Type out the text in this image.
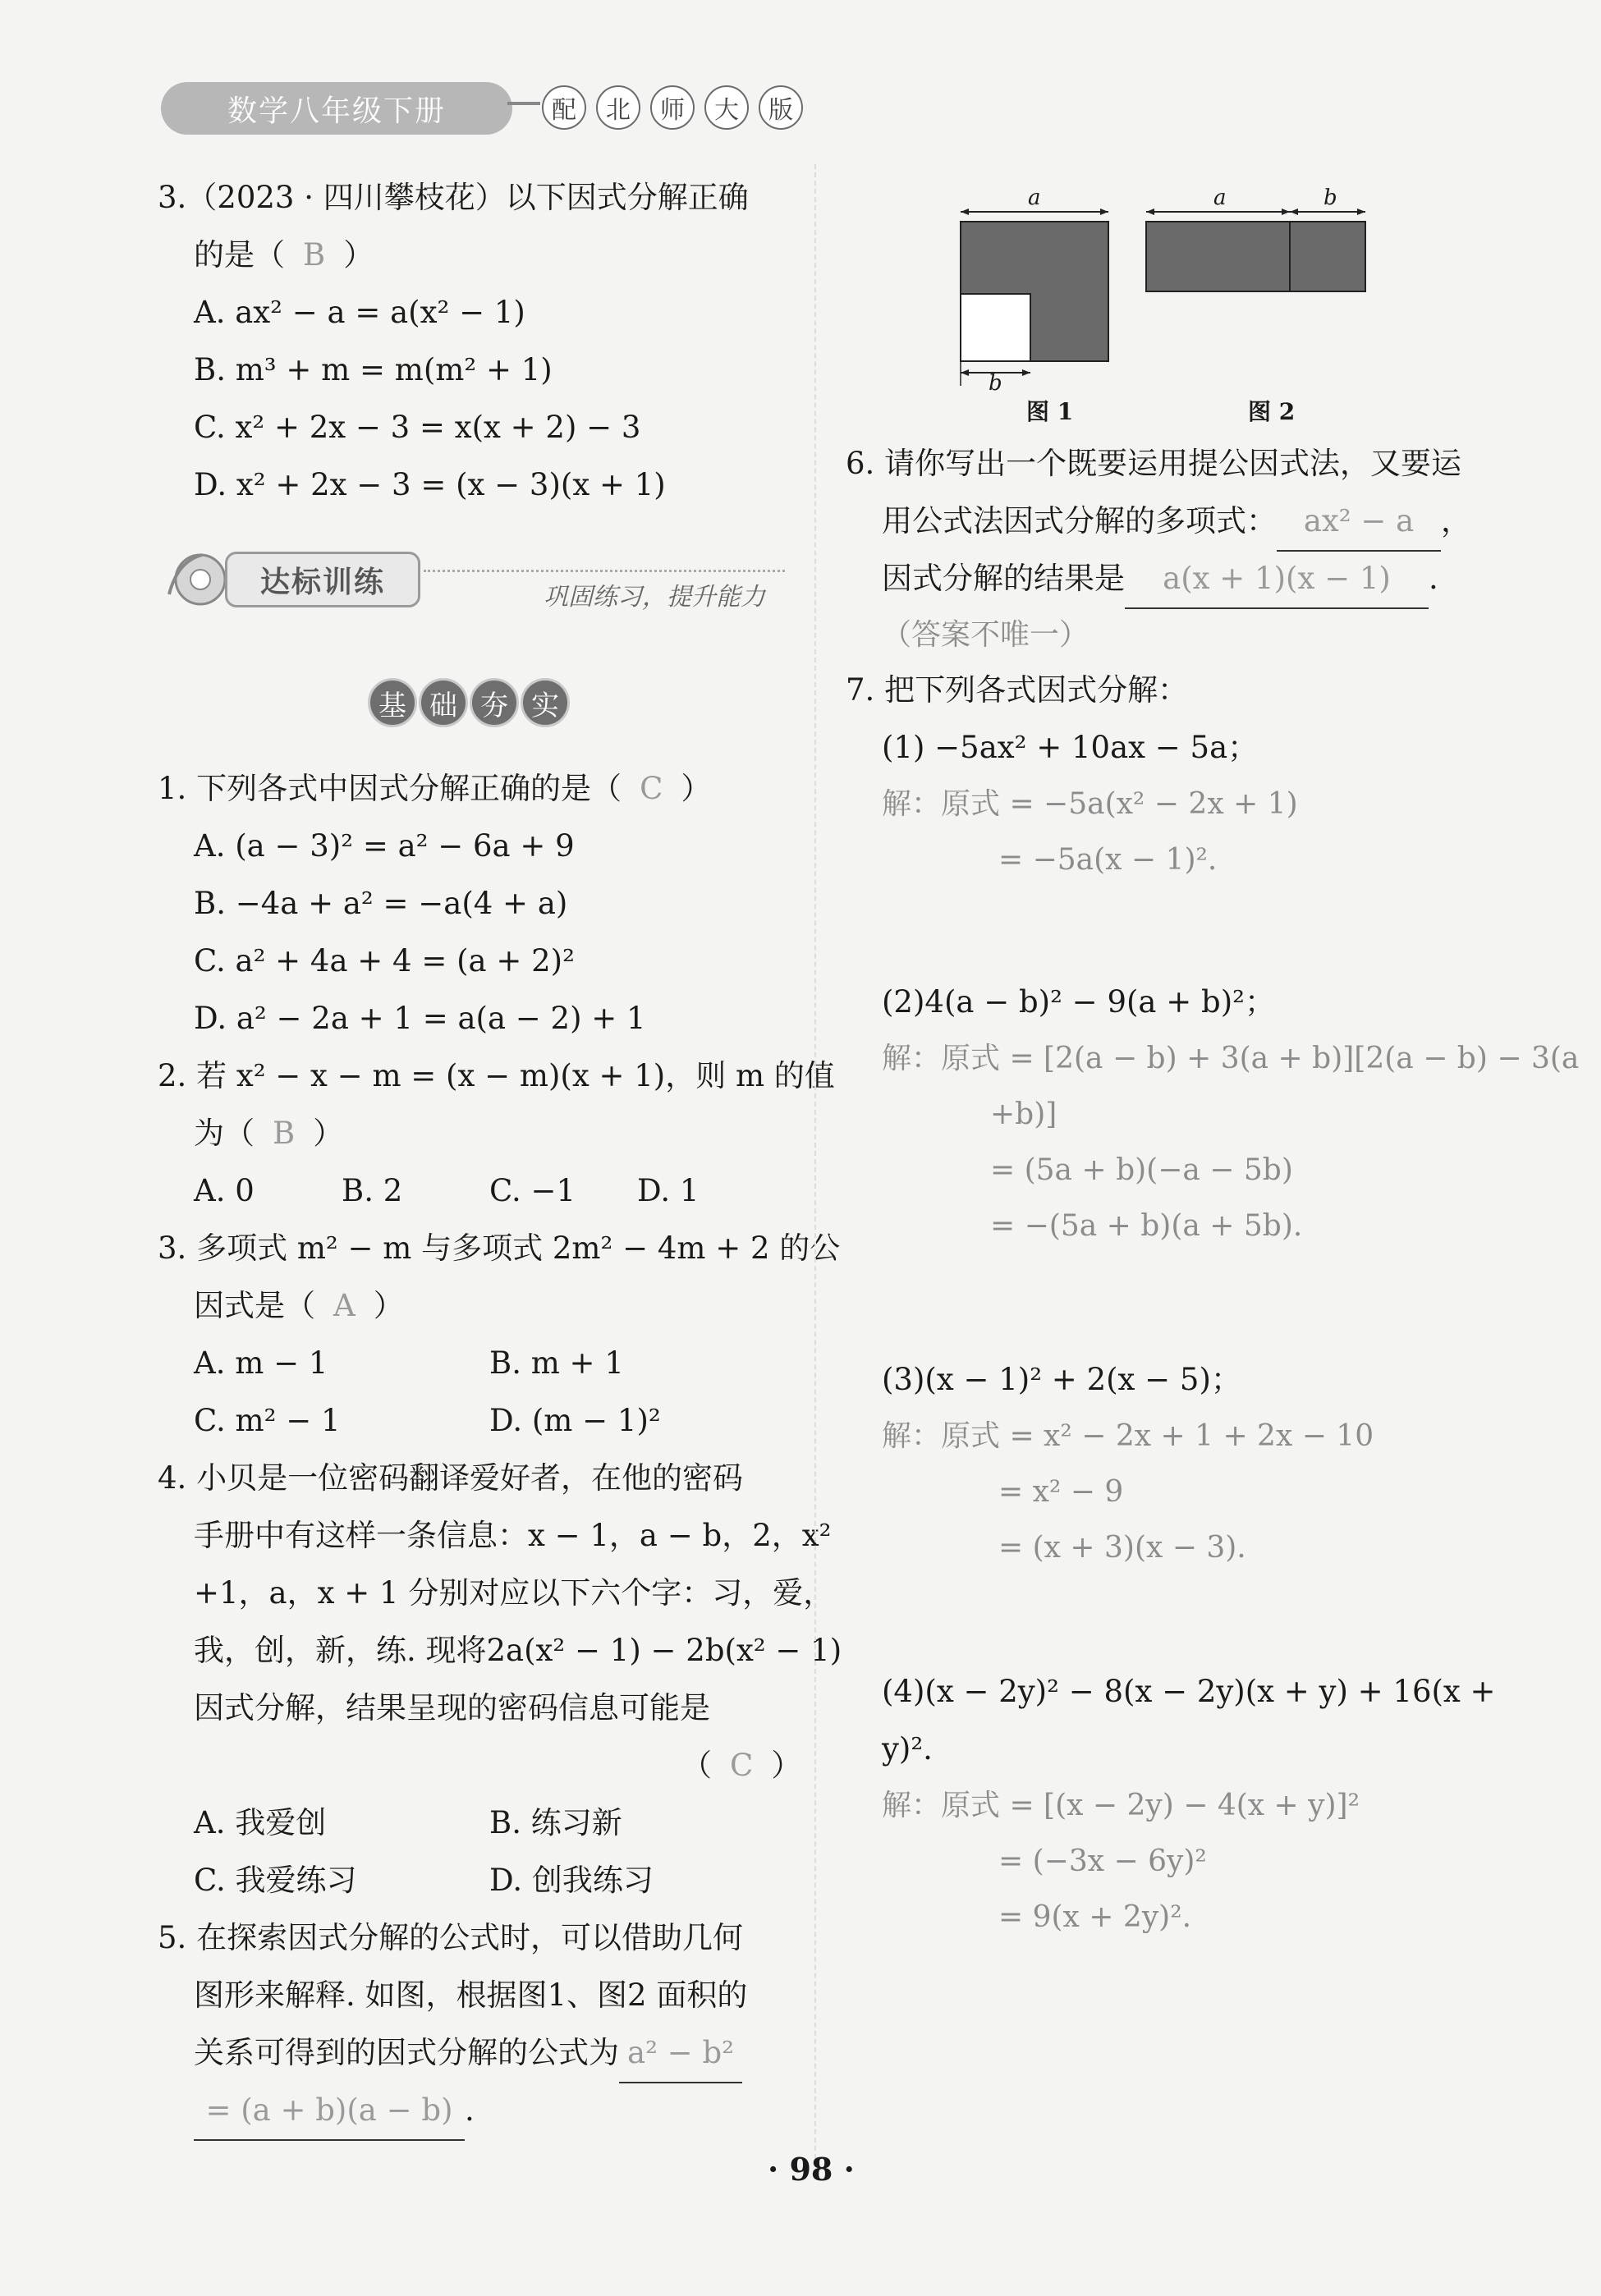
数学八年级下册	配	北	师	大	版
3.（2023 · 四川攀枝花）以下因式分解正确
的是（ B ）
A. ax² − a = a(x² − 1)
B. m³ + m = m(m² + 1)
C. x² + 2x − 3 = x(x + 2) − 3
D. x² + 2x − 3 = (x − 3)(x + 1)
达标训练	巩固练习，提升能力
基 础 夯 实
1. 下列各式中因式分解正确的是（ C ）
A. (a − 3)² = a² − 6a + 9
B. −4a + a² = −a(4 + a)
C. a² + 4a + 4 = (a + 2)²
D. a² − 2a + 1 = a(a − 2) + 1
2. 若 x² − x − m = (x − m)(x + 1)，则 m 的值
为（ B ）
A. 0	B. 2	C. −1 D. 1
3. 多项式 m² − m 与多项式 2m² − 4m + 2 的公
因式是（ A ）
A. m − 1	B. m + 1
C. m² − 1	D. (m − 1)²
4. 小贝是一位密码翻译爱好者，在他的密码
手册中有这样一条信息：x − 1，a − b，2，x²
+1，a，x + 1 分别对应以下六个字：习，爱，
我，创，新，练. 现将2a(x² − 1) − 2b(x² − 1)
因式分解，结果呈现的密码信息可能是
（ C ）
A. 我爱创	B. 练习新
C. 我爱练习	D. 创我练习
5. 在探索因式分解的公式时，可以借助几何
图形来解释. 如图，根据图1、图2 面积的
关系可得到的因式分解的公式为 a² − b²
= (a + b)(a − b) .
a
b
a	b
图 1	图 2
6. 请你写出一个既要运用提公因式法，又要运
用公式法因式分解的多项式： ax² − a ，
因式分解的结果是 a(x + 1)(x − 1) .
（答案不唯一）
7. 把下列各式因式分解：
(1) −5ax² + 10ax − 5a；
解：原式 = −5a(x² − 2x + 1)
= −5a(x − 1)².
(2)4(a − b)² − 9(a + b)²；
解：原式 = [2(a − b) + 3(a + b)][2(a − b) − 3(a
+b)]
= (5a + b)(−a − 5b)
= −(5a + b)(a + 5b).
(3)(x − 1)² + 2(x − 5)；
解：原式 = x² − 2x + 1 + 2x − 10
= x² − 9
= (x + 3)(x − 3).
(4)(x − 2y)² − 8(x − 2y)(x + y) + 16(x +
y)².
解：原式 = [(x − 2y) − 4(x + y)]²
= (−3x − 6y)²
= 9(x + 2y)².
· 98 ·
